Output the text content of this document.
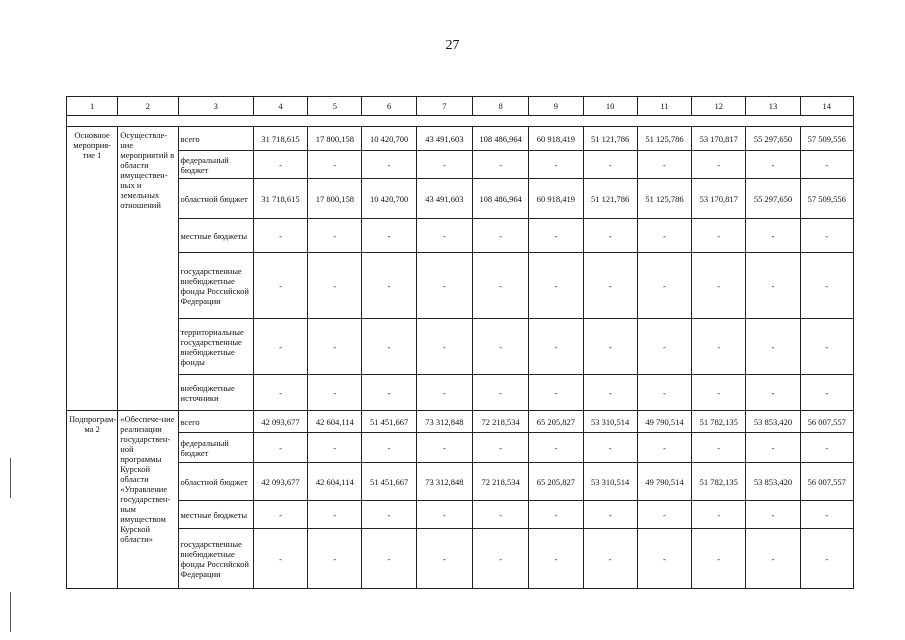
27
1	2	3	4	5	6	7	8	9	10	11	12	13	14

Основное мероприя-тие 1	Осуществле-ние мероприятий в области имуществен-ных и земельных отношений	всего	31 718,615	17 800,158	10 420,700	43 491,603	108 486,964	60 918,419	51 121,786	51 125,786	53 170,817	55 297,650	57 509,556
		федеральный бюджет	-	-	-	-	-	-	-	-	-	-	-
		областной бюджет	31 718,615	17 800,158	10 420,700	43 491,603	108 486,964	60 918,419	51 121,786	51 125,786	53 170,817	55 297,650	57 509,556
		местные бюджеты	-	-	-	-	-	-	-	-	-	-	-
		государственные внебюджетные фонды Российской Федерации	-	-	-	-	-	-	-	-	-	-	-
		территориальные государственные внебюджетные фонды	-	-	-	-	-	-	-	-	-	-	-
		внебюджетные источники	-	-	-	-	-	-	-	-	-	-	-
Подпрограм-ма 2	«Обеспече-ние реализации государствен-ной программы Курской области «Управление государствен-ным имуществом Курской области»	всего	42 093,677	42 604,114	51 451,667	73 312,848	72 218,534	65 205,827	53 310,514	49 790,514	51 782,135	53 853,420	56 007,557
		федеральный бюджет	-	-	-	-	-	-	-	-	-	-	-
		областной бюджет	42 093,677	42 604,114	51 451,667	73 312,848	72 218,534	65 205,827	53 310,514	49 790,514	51 782,135	53 853,420	56 007,557
		местные бюджеты	-	-	-	-	-	-	-	-	-	-	-
		государственные внебюджетные фонды Российской Федерации	-	-	-	-	-	-	-	-	-	-	-
